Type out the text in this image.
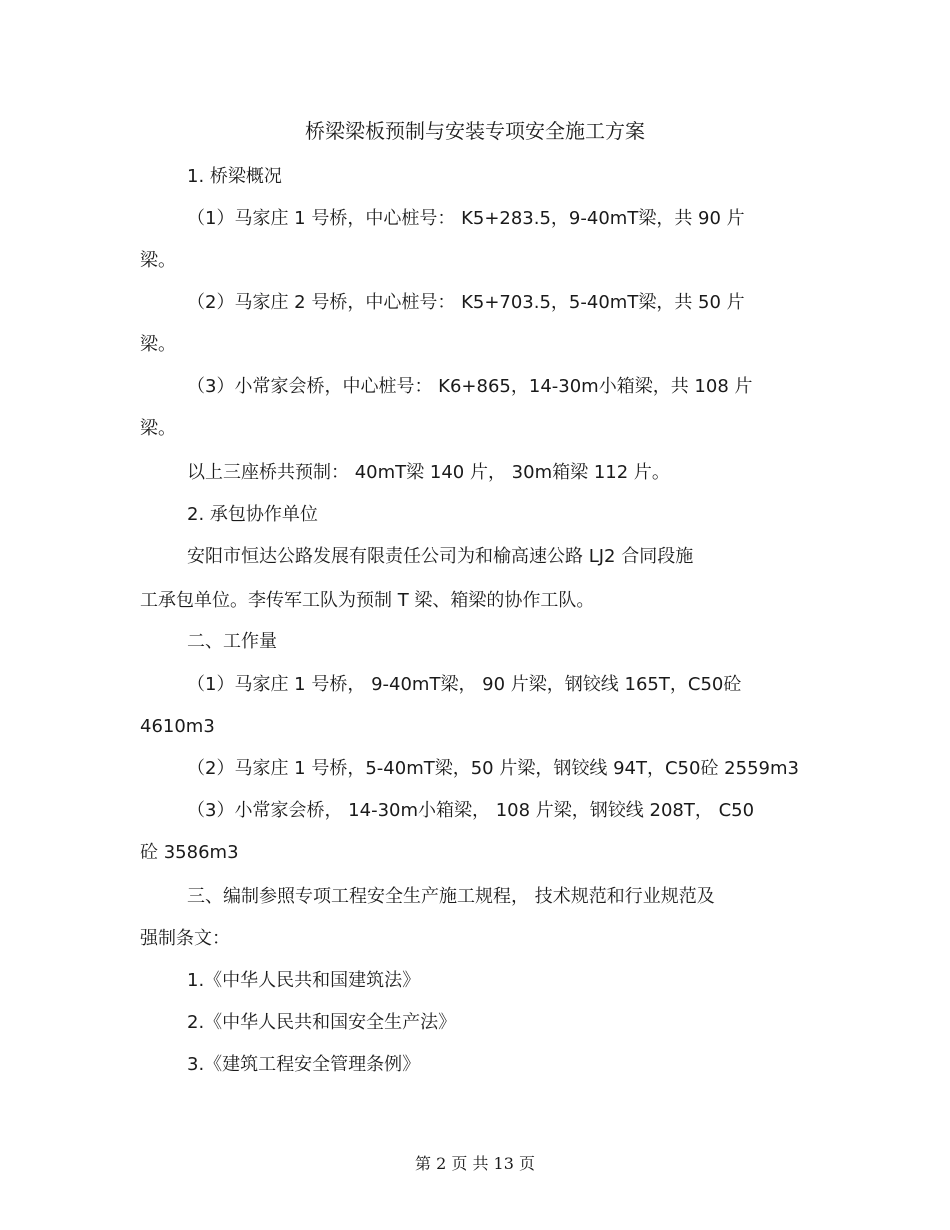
桥梁梁板预制与安装专项安全施工方案
1. 桥梁概况
（1）马家庄 1 号桥，中心桩号： K5+283.5，9-40mT梁，共 90 片
梁。
（2）马家庄 2 号桥，中心桩号： K5+703.5，5-40mT梁，共 50 片
梁。
（3）小常家会桥，中心桩号： K6+865，14-30m小箱梁，共 108 片
梁。
以上三座桥共预制： 40mT梁 140 片， 30m箱梁 112 片。
2. 承包协作单位
安阳市恒达公路发展有限责任公司为和榆高速公路 LJ2 合同段施
工承包单位。李传军工队为预制 T 梁、箱梁的协作工队。
二、工作量
（1）马家庄 1 号桥， 9-40mT梁， 90 片梁，钢铰线 165T，C50砼
4610m3
（2）马家庄 1 号桥，5-40mT梁，50 片梁，钢铰线 94T，C50砼 2559m3
（3）小常家会桥， 14-30m小箱梁， 108 片梁，钢铰线 208T， C50
砼 3586m3
三、编制参照专项工程安全生产施工规程， 技术规范和行业规范及
强制条文：
1.《中华人民共和国建筑法》
2.《中华人民共和国安全生产法》
3.《建筑工程安全管理条例》
第 2 页 共 13 页
